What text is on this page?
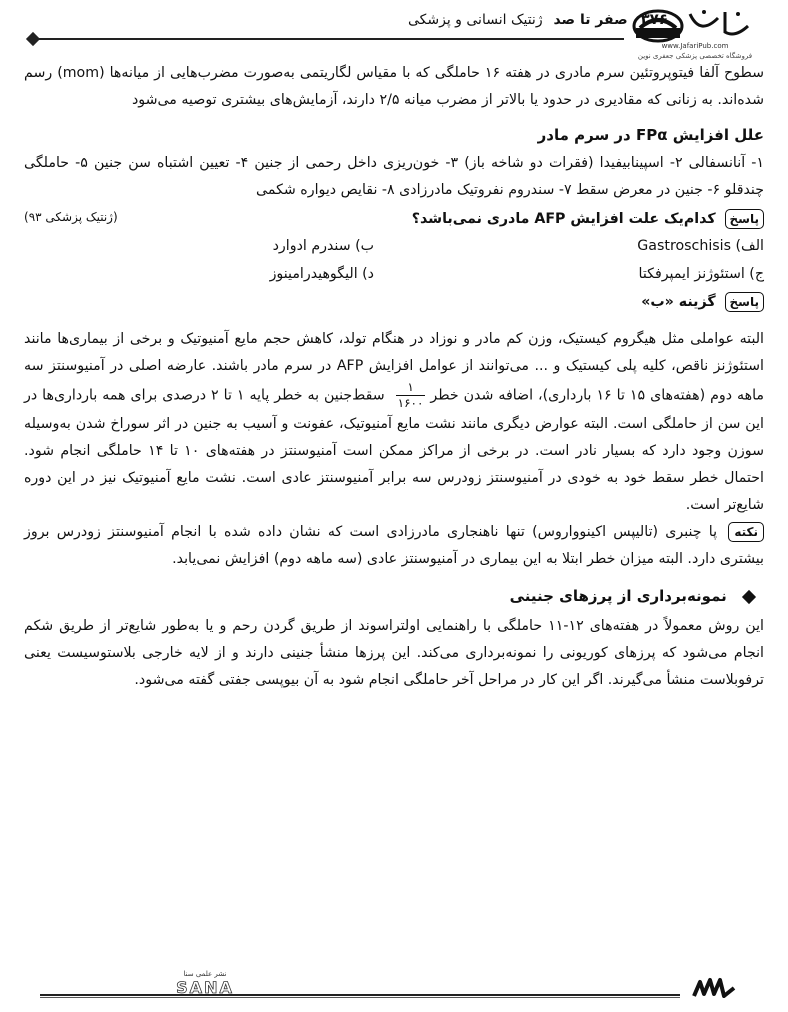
۳۷۶ صفر تا صد ژنتیک انسانی و پزشکی
www.JafariPub.com
فروشگاه تخصصی پزشکی جعفری نوین

سطوح آلفا فیتوپروتئین سرم مادری در هفته ۱۶ حاملگی که با مقیاس لگاریتمی به‌صورت مضرب‌هایی از میانه‌ها (mom) رسم شده‌اند. به زنانی که مقادیری در حدود یا بالاتر از مضرب میانه ۲/۵ دارند، آزمایش‌های بیشتری توصیه می‌شود

علل افزایش FPα در سرم مادر

۱- آنانسفالی ۲- اسپینابیفیدا (فقرات دو شاخه باز) ۳- خون‌ریزی داخل رحمی از جنین ۴- تعیین اشتباه سن جنین ۵- حاملگی چندقلو ۶- جنین در معرض سقط ۷- سندروم نفروتیک مادرزادی ۸- نقایص دیواره شکمی

پاسخ کدام‌یک علت افزایش AFP مادری نمی‌باشد؟
(ژنتیک پزشکی ۹۳)
الف) Gastroschisis
ب) سندرم ادوارد
ج) استئوژنز ایمپرفکتا
د) الیگوهیدرامینوز
پاسخ گزینه «ب»

البته عواملی مثل هیگروم کیستیک، وزن کم مادر و نوزاد در هنگام تولد، کاهش حجم مایع آمنیوتیک و برخی از بیماری‌ها مانند استئوژنز ناقص، کلیه پلی کیستیک و ... می‌توانند از عوامل افزایش AFP در سرم مادر باشند. عارضه اصلی در آمنیوسنتز سه ماهه دوم (هفته‌های ۱۵ تا ۱۶ بارداری)، اضافه شدن خطر
$\frac{۱}{۱۶۰۰}$
سقط‌جنین به خطر پایه ۱ تا ۲ درصدی برای همه بارداری‌ها در این سن از حاملگی است. البته عوارض دیگری مانند نشت مایع آمنیوتیک، عفونت و آسیب به جنین در اثر سوراخ شدن به‌وسیله سوزن وجود دارد که بسیار نادر است. در برخی از مراکز ممکن است آمنیوسنتز در هفته‌های ۱۰ تا ۱۴ حاملگی انجام شود. احتمال خطر سقط خود به خودی در آمنیوسنتز زودرس سه برابر آمنیوسنتز عادی است. نشت مایع آمنیوتیک نیز در این دوره شایع‌تر است.

نکته پا چنبری (تالیپس اکینوواروس) تنها ناهنجاری مادرزادی است که نشان داده شده با انجام آمنیوسنتز زودرس بروز بیشتری دارد. البته میزان خطر ابتلا به این بیماری در آمنیوسنتز عادی (سه ماهه دوم) افزایش نمی‌یابد.

نمونه‌برداری از پرزهای جنینی

این روش معمولاً در هفته‌های ۱۲-۱۱ حاملگی با راهنمایی اولتراسوند از طریق گردن رحم و یا به‌طور شایع‌تر از طریق شکم انجام می‌شود که پرزهای کوریونی را نمونه‌برداری می‌کند. این پرزها منشأ جنینی دارند و از لایه خارجی بلاستوسیست یعنی ترفوبلاست منشأ می‌گیرند. اگر این کار در مراحل آخر حاملگی انجام شود به آن بیوپسی جفتی گفته می‌شود.

نشر علمی سنا
SANA
